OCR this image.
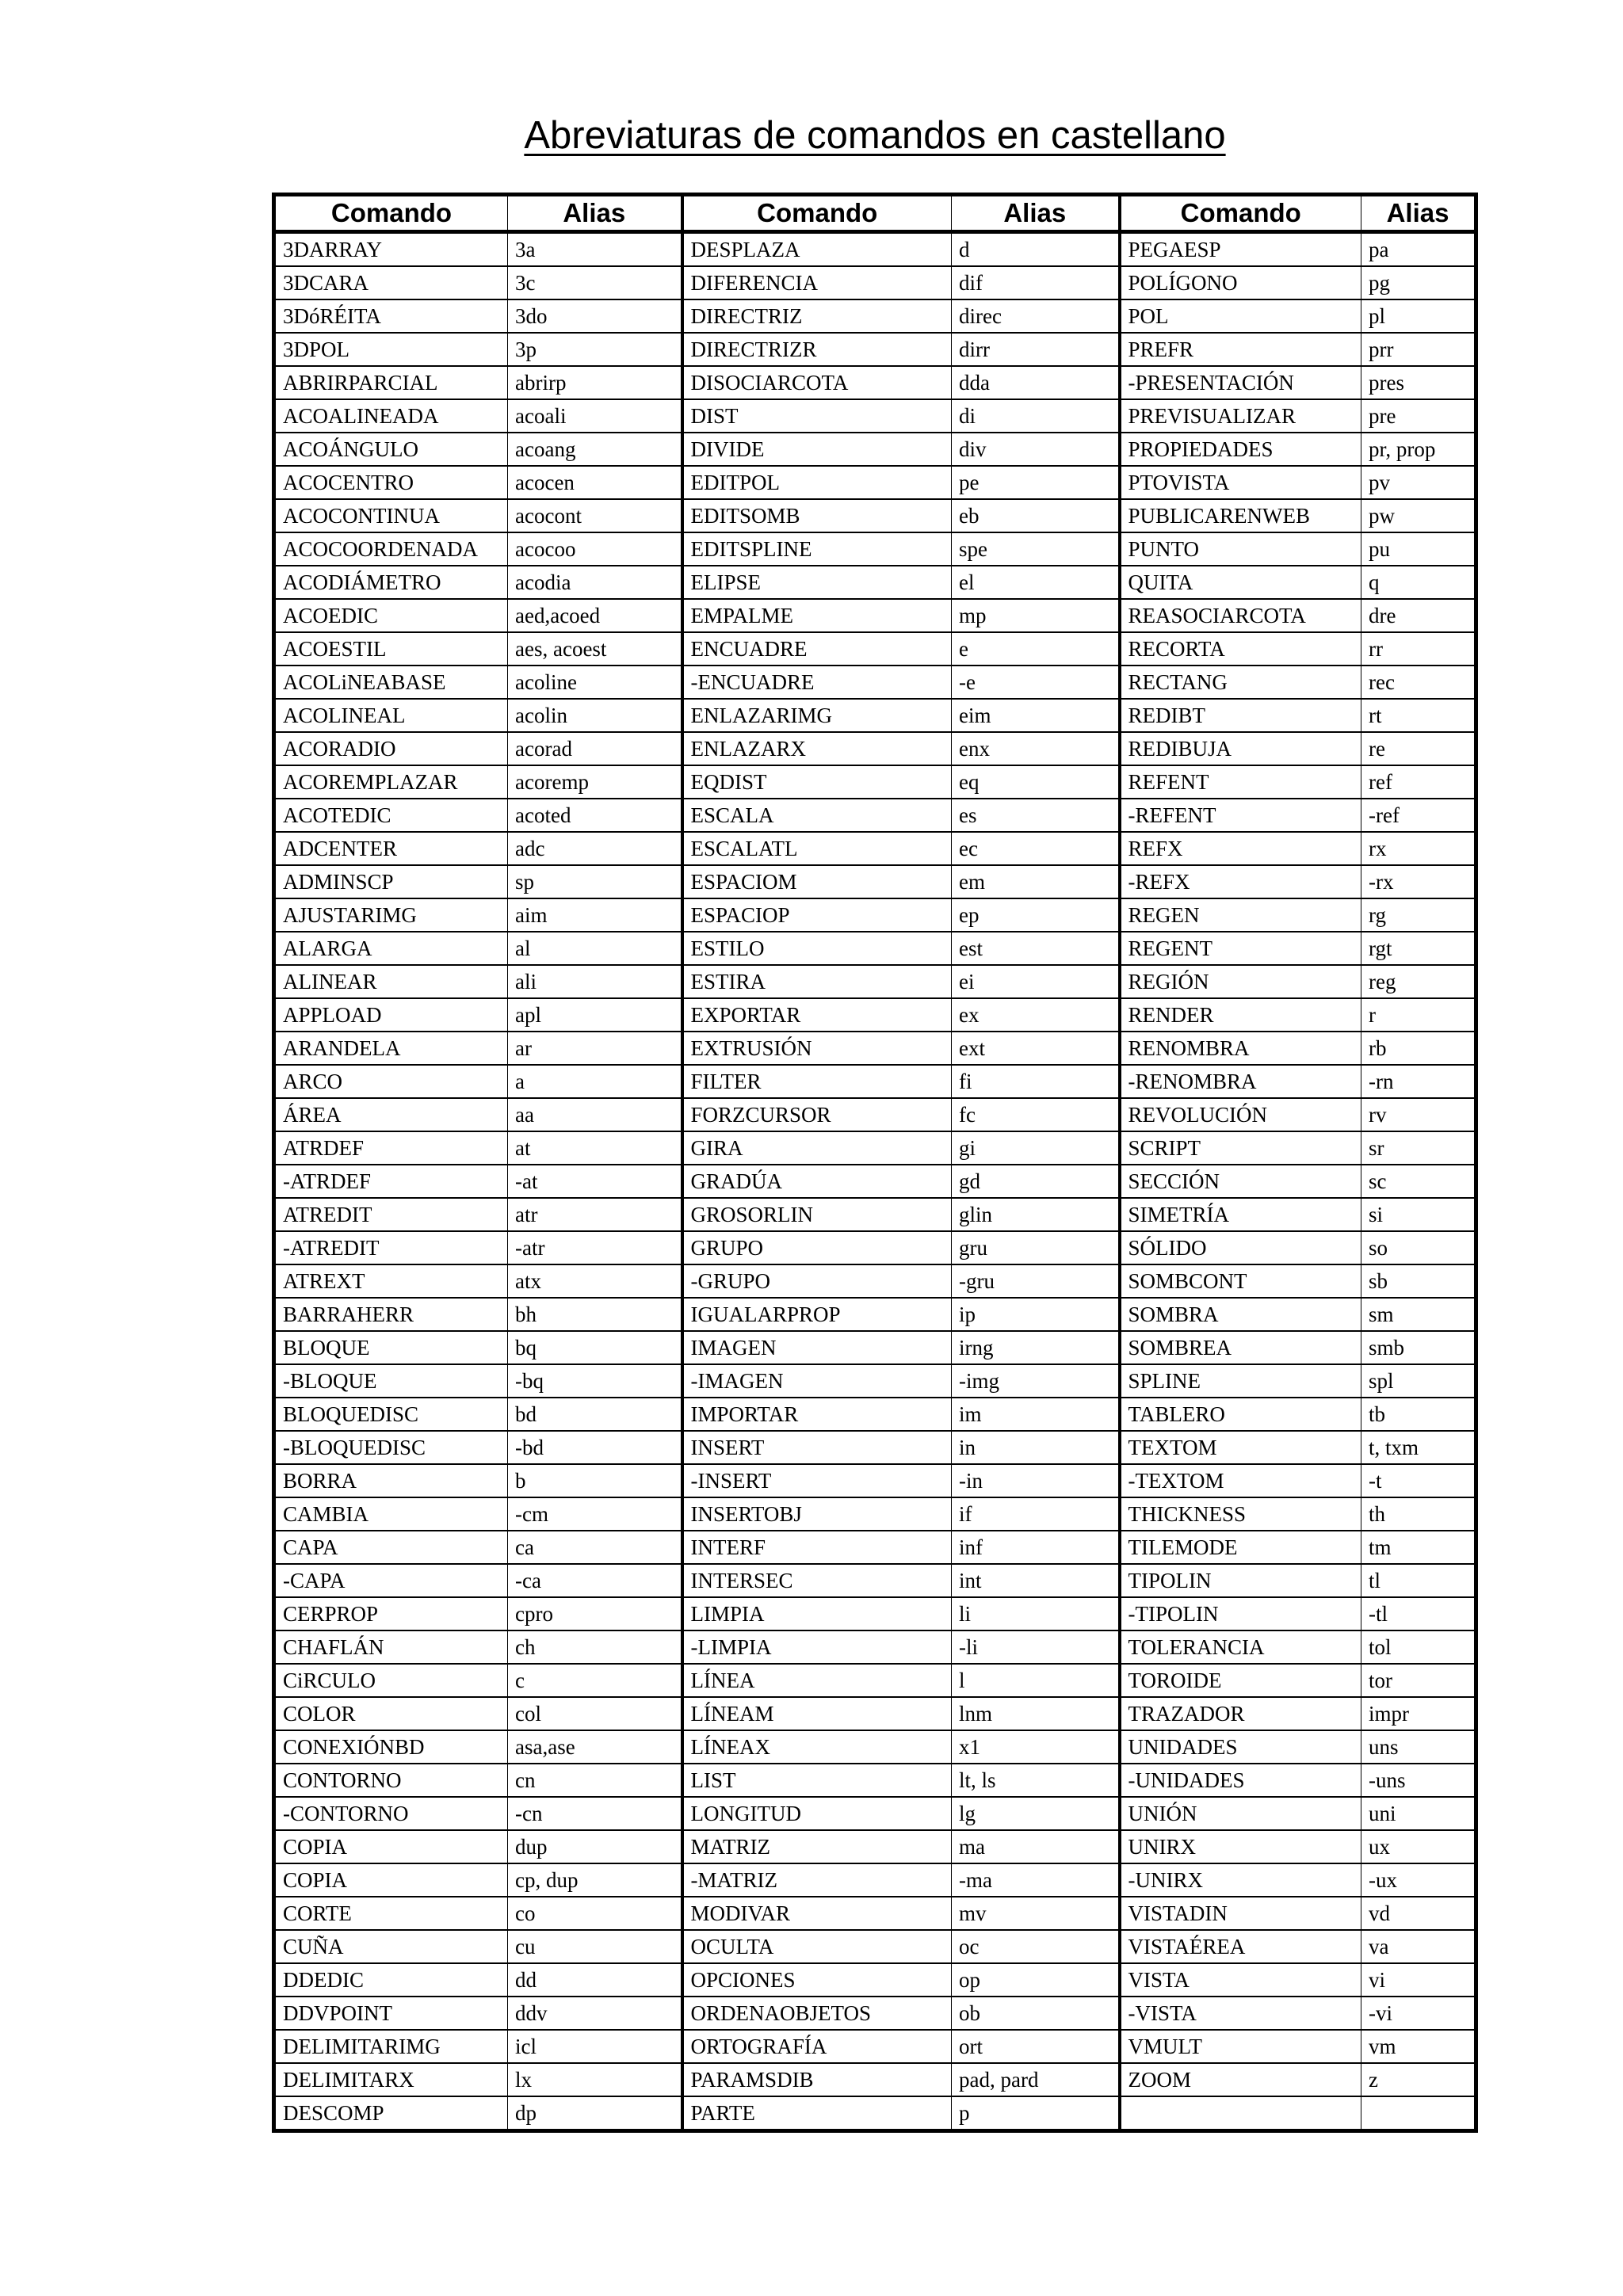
Abreviaturas de comandos en castellano
Comando	Alias	Comando	Alias	Comando	Alias
3DARRAY	3a	DESPLAZA	d	PEGAESP	pa
3DCARA	3c	DIFERENCIA	dif	POLÍGONO	pg
3DóRÉITA	3do	DIRECTRIZ	direc	POL	pl
3DPOL	3p	DIRECTRIZR	dirr	PREFR	prr
ABRIRPARCIAL	abrirp	DISOCIARCOTA	dda	-PRESENTACIÓN	pres
ACOALINEADA	acoali	DIST	di	PREVISUALIZAR	pre
ACOÁNGULO	acoang	DIVIDE	div	PROPIEDADES	pr, prop
ACOCENTRO	acocen	EDITPOL	pe	PTOVISTA	pv
ACOCONTINUA	acocont	EDITSOMB	eb	PUBLICARENWEB	pw
ACOCOORDENADA	acocoo	EDITSPLINE	spe	PUNTO	pu
ACODIÁMETRO	acodia	ELIPSE	el	QUITA	q
ACOEDIC	aed,acoed	EMPALME	mp	REASOCIARCOTA	dre
ACOESTIL	aes, acoest	ENCUADRE	e	RECORTA	rr
ACOLiNEABASE	acoline	-ENCUADRE	-e	RECTANG	rec
ACOLINEAL	acolin	ENLAZARIMG	eim	REDIBT	rt
ACORADIO	acorad	ENLAZARX	enx	REDIBUJA	re
ACOREMPLAZAR	acoremp	EQDIST	eq	REFENT	ref
ACOTEDIC	acoted	ESCALA	es	-REFENT	-ref
ADCENTER	adc	ESCALATL	ec	REFX	rx
ADMINSCP	sp	ESPACIOM	em	-REFX	-rx
AJUSTARIMG	aim	ESPACIOP	ep	REGEN	rg
ALARGA	al	ESTILO	est	REGENT	rgt
ALINEAR	ali	ESTIRA	ei	REGIÓN	reg
APPLOAD	apl	EXPORTAR	ex	RENDER	r
ARANDELA	ar	EXTRUSIÓN	ext	RENOMBRA	rb
ARCO	a	FILTER	fi	-RENOMBRA	-rn
ÁREA	aa	FORZCURSOR	fc	REVOLUCIÓN	rv
ATRDEF	at	GIRA	gi	SCRIPT	sr
-ATRDEF	-at	GRADÚA	gd	SECCIÓN	sc
ATREDIT	atr	GROSORLIN	glin	SIMETRÍA	si
-ATREDIT	-atr	GRUPO	gru	SÓLIDO	so
ATREXT	atx	-GRUPO	-gru	SOMBCONT	sb
BARRAHERR	bh	IGUALARPROP	ip	SOMBRA	sm
BLOQUE	bq	IMAGEN	irng	SOMBREA	smb
-BLOQUE	-bq	-IMAGEN	-img	SPLINE	spl
BLOQUEDISC	bd	IMPORTAR	im	TABLERO	tb
-BLOQUEDISC	-bd	INSERT	in	TEXTOM	t, txm
BORRA	b	-INSERT	-in	-TEXTOM	-t
CAMBIA	-cm	INSERTOBJ	if	THICKNESS	th
CAPA	ca	INTERF	inf	TILEMODE	tm
-CAPA	-ca	INTERSEC	int	TIPOLIN	tl
CERPROP	cpro	LIMPIA	li	-TIPOLIN	-tl
CHAFLÁN	ch	-LIMPIA	-li	TOLERANCIA	tol
CiRCULO	c	LÍNEA	l	TOROIDE	tor
COLOR	col	LÍNEAM	lnm	TRAZADOR	impr
CONEXIÓNBD	asa,ase	LÍNEAX	x1	UNIDADES	uns
CONTORNO	cn	LIST	lt, ls	-UNIDADES	-uns
-CONTORNO	-cn	LONGITUD	lg	UNIÓN	uni
COPIA	dup	MATRIZ	ma	UNIRX	ux
COPIA	cp, dup	-MATRIZ	-ma	-UNIRX	-ux
CORTE	co	MODIVAR	mv	VISTADIN	vd
CUÑA	cu	OCULTA	oc	VISTAÉREA	va
DDEDIC	dd	OPCIONES	op	VISTA	vi
DDVPOINT	ddv	ORDENAOBJETOS	ob	-VISTA	-vi
DELIMITARIMG	icl	ORTOGRAFÍA	ort	VMULT	vm
DELIMITARX	lx	PARAMSDIB	pad, pard	ZOOM	z
DESCOMP	dp	PARTE	p		
